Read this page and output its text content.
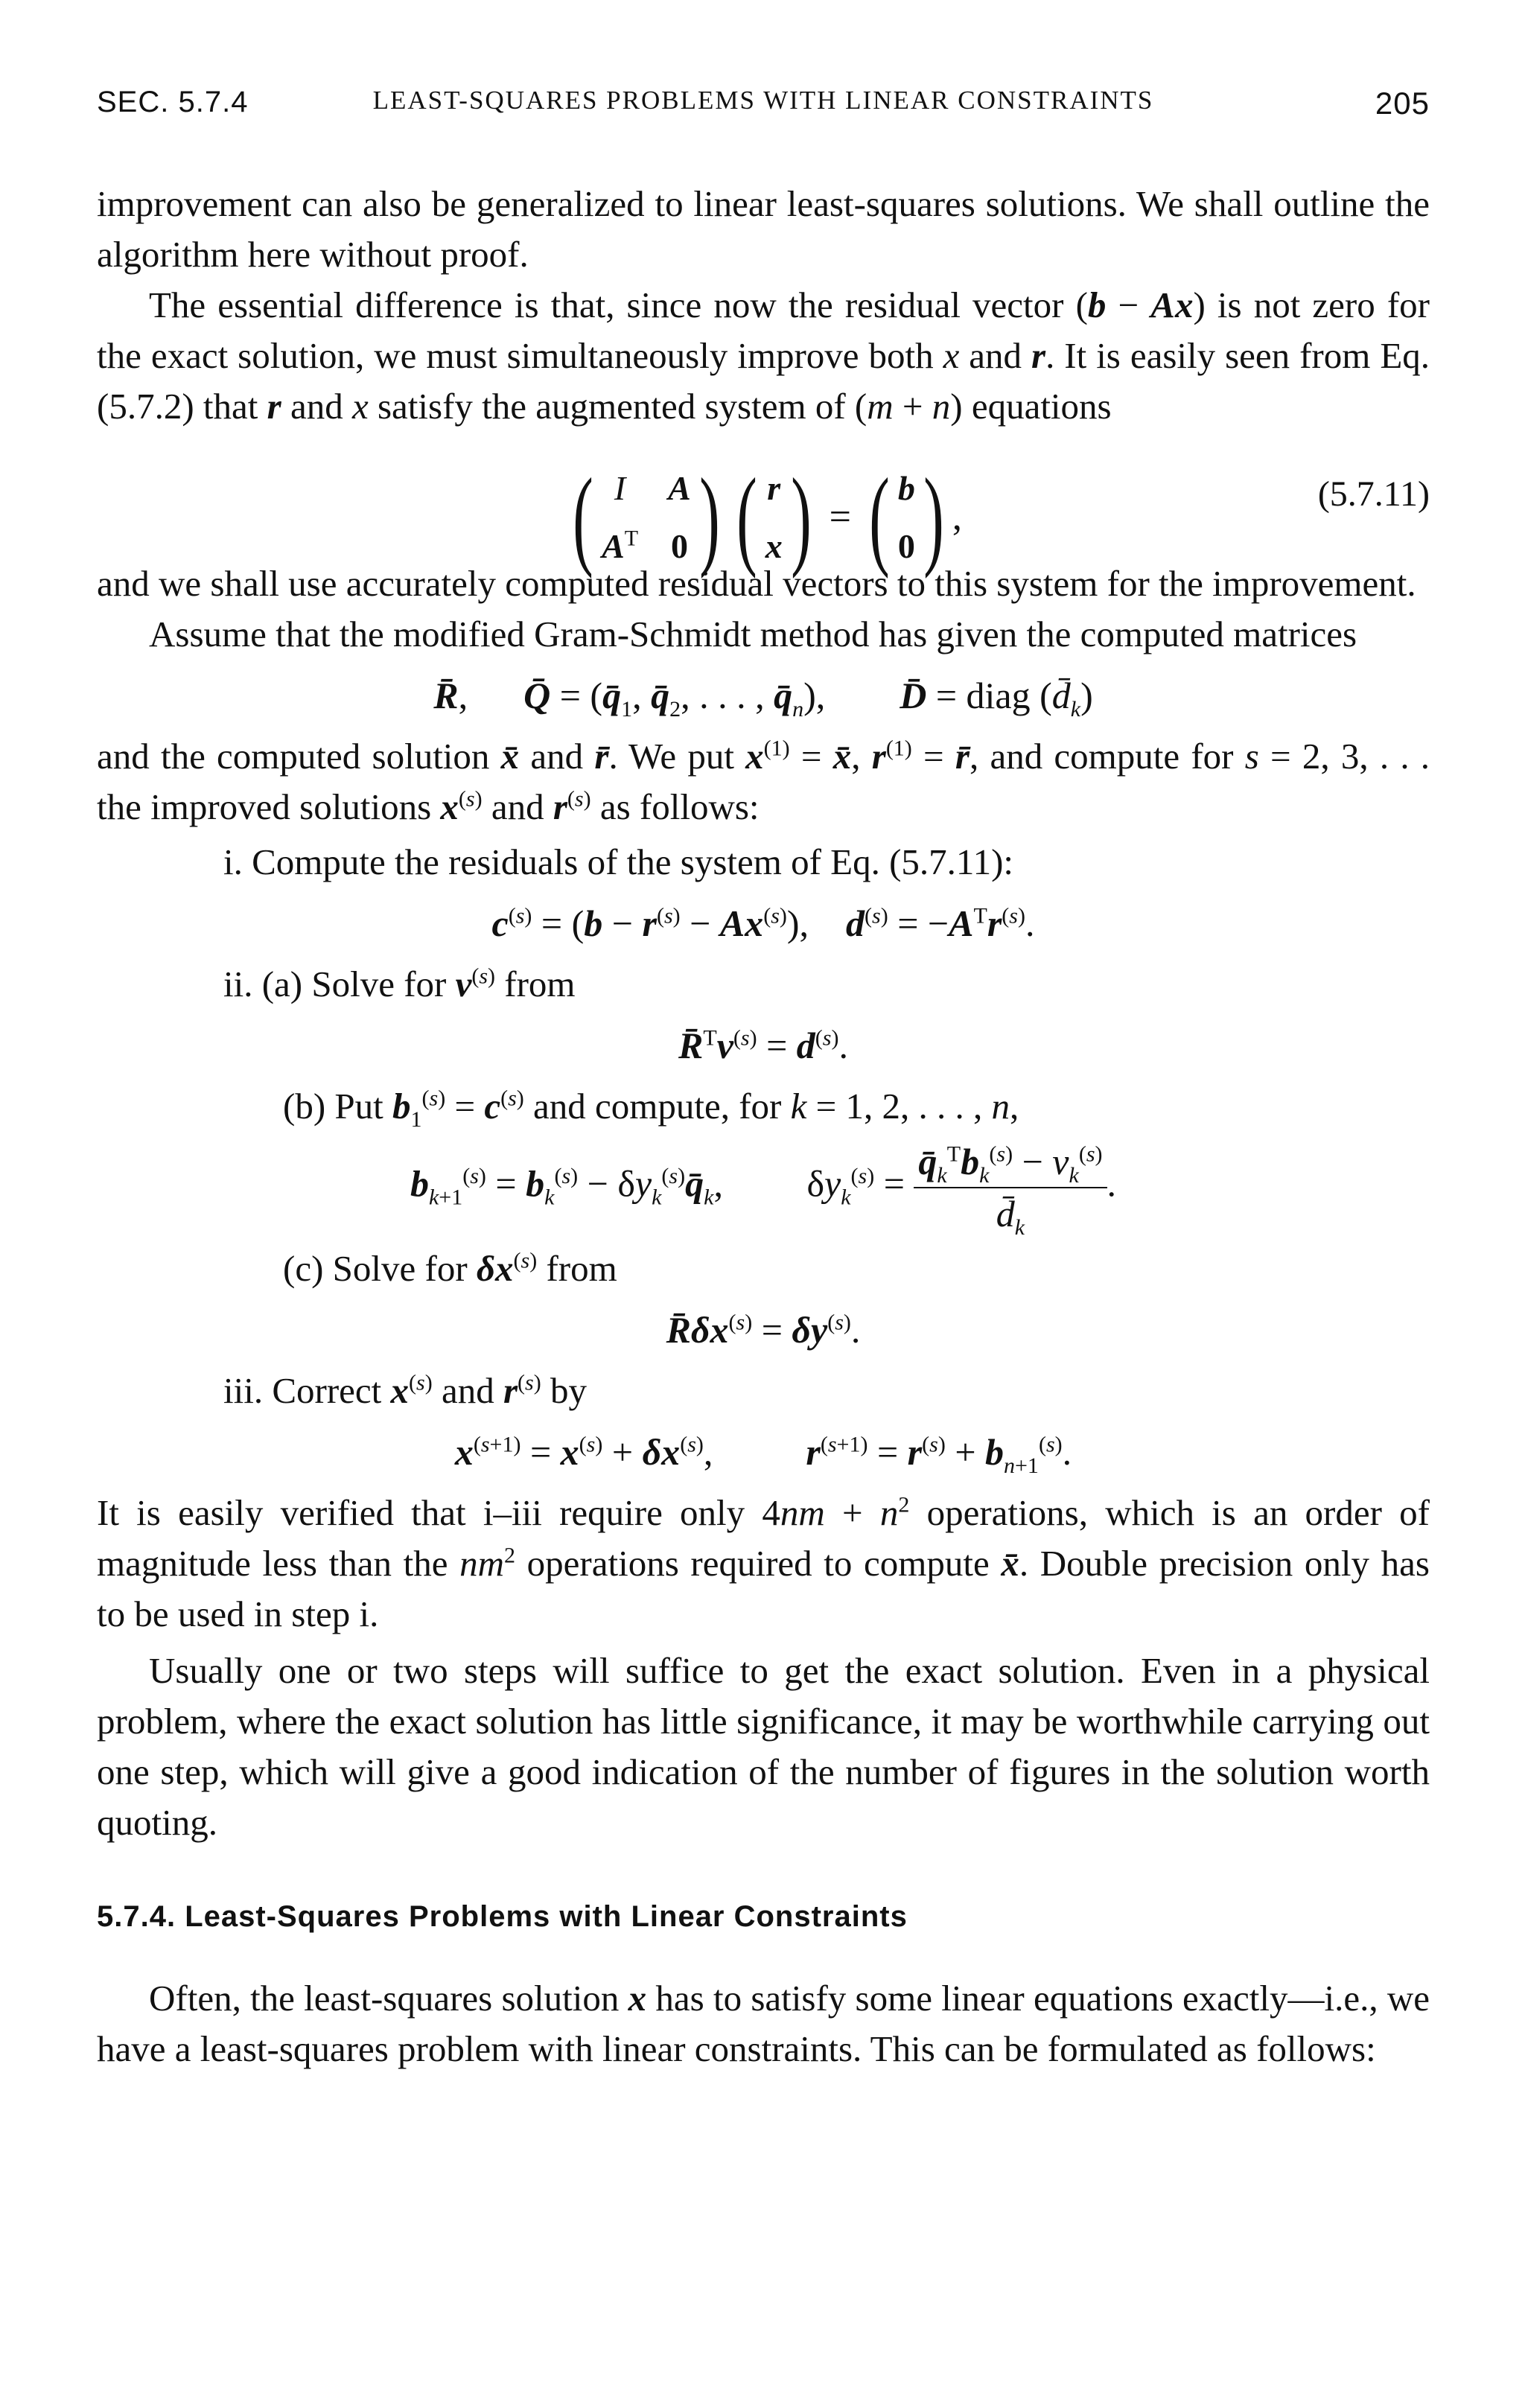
SEC. 5.7.4	LEAST-SQUARES PROBLEMS WITH LINEAR CONSTRAINTS	205

improvement can also be generalized to linear least-squares solutions. We shall outline the algorithm here without proof.

The essential difference is that, since now the residual vector (b − Ax) is not zero for the exact solution, we must simultaneously improve both x and r. It is easily seen from Eq. (5.7.2) that r and x satisfy the augmented system of (m + n) equations

( I	A
$A^T$ 0 ) ( r
x ) = ( b
0 ) ,
(5.7.11)

and we shall use accurately computed residual vectors to this system for the improvement.

Assume that the modified Gram-Schmidt method has given the computed matrices

R̄,      Q̄ = ($q̄_1$, $q̄_2$, . . . , $q̄_n$),        D̄ = diag $(d̄_k)$

and the computed solution x̄ and r̄. We put $x^{(1)}$ = x̄, $r^{(1)}$ = r̄, and compute for s = 2, 3, . . . the improved solutions $x^{(s)}$ and $r^{(s)}$ as follows:

i. Compute the residuals of the system of Eq. (5.7.11):

$c^{(s)} = (b - r^{(s)} - Ax^{(s)})$,    $d^{(s)} = -A^Tr^{(s)}$.

ii. (a) Solve for $v^{(s)}$ from

$R̄^Tv^{(s)} = d^{(s)}$.

(b) Put $b_1^{(s)} = c^{(s)}$ and compute, for k = 1, 2, . . . , n,

$b_{k+1}^{(s)} = b_k^{(s)}$ − $\delta y_k^{(s)}q̄_k$,         $\delta y_k^{(s)} = \frac{q̄_k^Tb_k^{(s)} - v_k^{(s)}}{d̄_k}$ .

(c) Solve for $\delta x^{(s)}$ from

$R̄\delta x^{(s)} = \delta y^{(s)}$.

iii. Correct $x^{(s)}$ and $r^{(s)}$ by

$x^{(s+1)} = x^{(s)} + \delta x^{(s)}$,          $r^{(s+1)} = r^{(s)} + b_{n+1}^{(s)}$.

It is easily verified that i–iii require only $4nm + n^2$ operations, which is an order of magnitude less than the $nm^2$ operations required to compute x̄. Double precision only has to be used in step i.

Usually one or two steps will suffice to get the exact solution. Even in a physical problem, where the exact solution has little significance, it may be worthwhile carrying out one step, which will give a good indication of the number of figures in the solution worth quoting.

5.7.4. Least-Squares Problems with Linear Constraints

Often, the least-squares solution x has to satisfy some linear equations exactly—i.e., we have a least-squares problem with linear constraints. This can be formulated as follows:
